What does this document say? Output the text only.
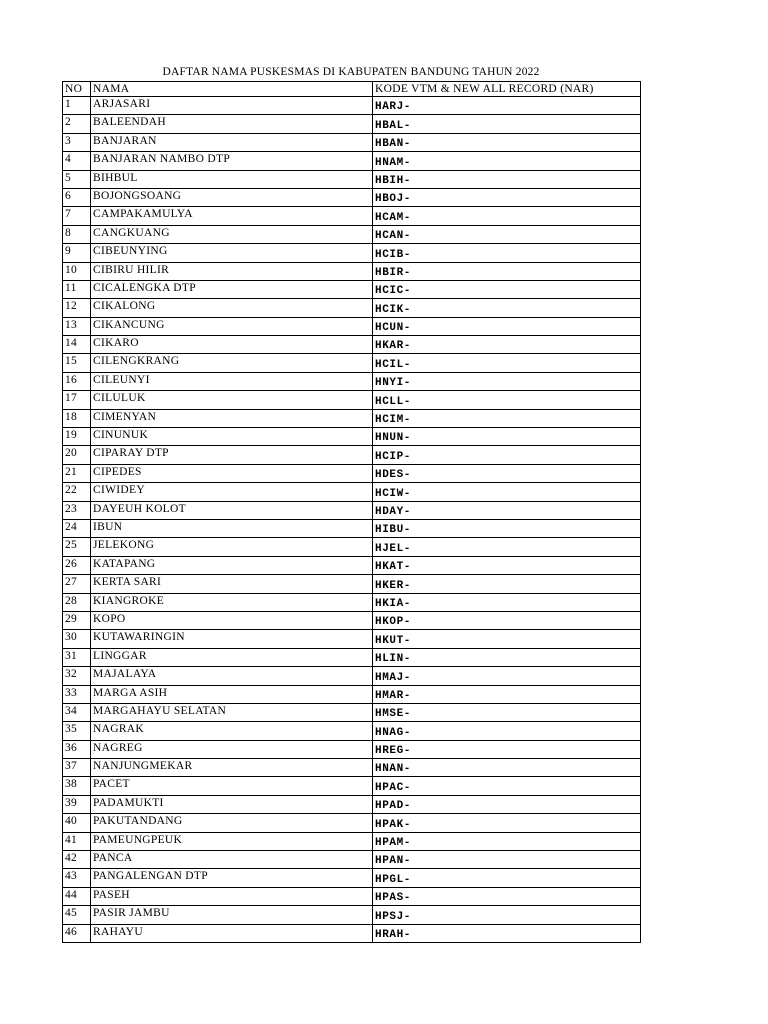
DAFTAR NAMA PUSKESMAS DI KABUPATEN BANDUNG TAHUN 2022
NO	NAMA	KODE VTM & NEW ALL RECORD (NAR)
1	ARJASARI	HARJ-
2	BALEENDAH	HBAL-
3	BANJARAN	HBAN-
4	BANJARAN NAMBO DTP	HNAM-
5	BIHBUL	HBIH-
6	BOJONGSOANG	HBOJ-
7	CAMPAKAMULYA	HCAM-
8	CANGKUANG	HCAN-
9	CIBEUNYING	HCIB-
10	CIBIRU HILIR	HBIR-
11	CICALENGKA DTP	HCIC-
12	CIKALONG	HCIK-
13	CIKANCUNG	HCUN-
14	CIKARO	HKAR-
15	CILENGKRANG	HCIL-
16	CILEUNYI	HNYI-
17	CILULUK	HCLL-
18	CIMENYAN	HCIM-
19	CINUNUK	HNUN-
20	CIPARAY DTP	HCIP-
21	CIPEDES	HDES-
22	CIWIDEY	HCIW-
23	DAYEUH KOLOT	HDAY-
24	IBUN	HIBU-
25	JELEKONG	HJEL-
26	KATAPANG	HKAT-
27	KERTA SARI	HKER-
28	KIANGROKE	HKIA-
29	KOPO	HKOP-
30	KUTAWARINGIN	HKUT-
31	LINGGAR	HLIN-
32	MAJALAYA	HMAJ-
33	MARGA ASIH	HMAR-
34	MARGAHAYU SELATAN	HMSE-
35	NAGRAK	HNAG-
36	NAGREG	HREG-
37	NANJUNGMEKAR	HNAN-
38	PACET	HPAC-
39	PADAMUKTI	HPAD-
40	PAKUTANDANG	HPAK-
41	PAMEUNGPEUK	HPAM-
42	PANCA	HPAN-
43	PANGALENGAN DTP	HPGL-
44	PASEH	HPAS-
45	PASIR JAMBU	HPSJ-
46	RAHAYU	HRAH-
